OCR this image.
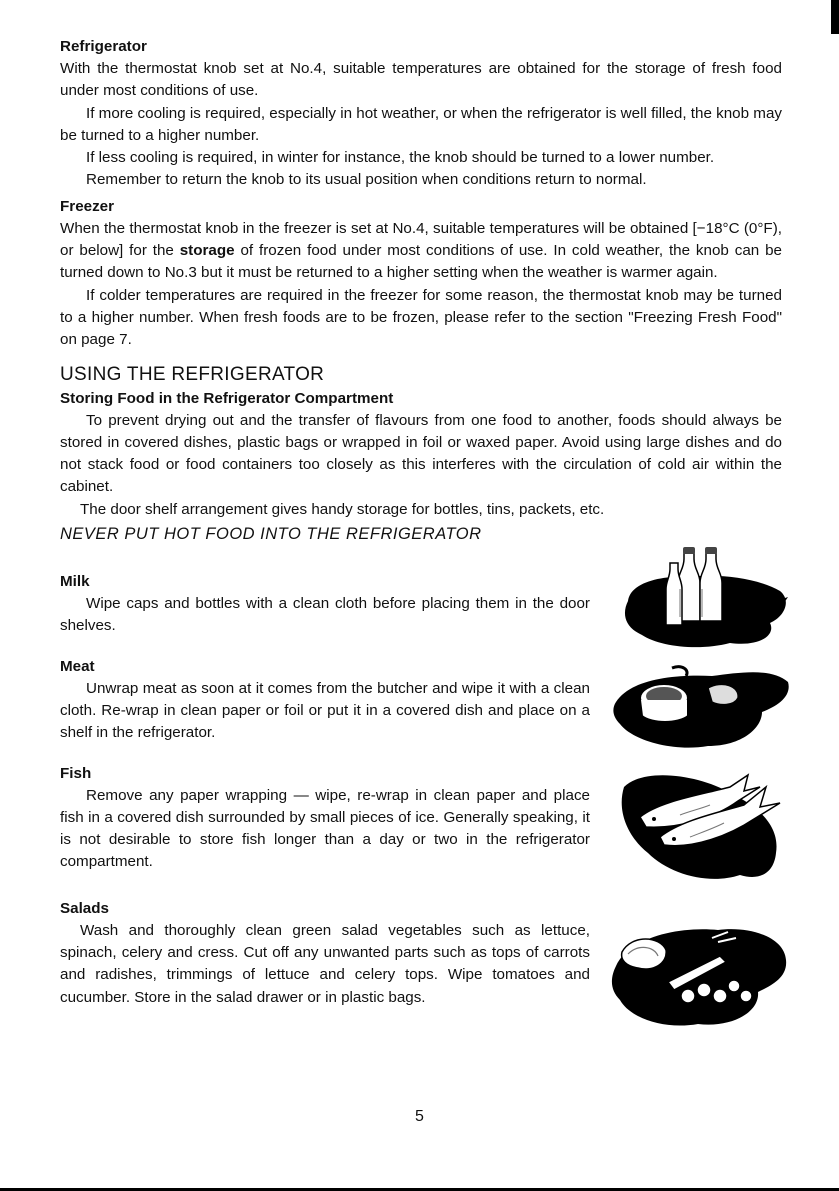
Refrigerator

With the thermostat knob set at No.4, suitable temperatures are obtained for the storage of fresh food under most conditions of use.

If more cooling is required, especially in hot weather, or when the refrigerator is well filled, the knob may be turned to a higher number.

If less cooling is required, in winter for instance, the knob should be turned to a lower number.

Remember to return the knob to its usual position when conditions return to normal.

Freezer

When the thermostat knob in the freezer is set at No.4, suitable temperatures will be obtained [−18°C (0°F), or below] for the storage of frozen food under most conditions of use. In cold weather, the knob can be turned down to No.3 but it must be returned to a higher setting when the weather is warmer again.

If colder temperatures are required in the freezer for some reason, the thermostat knob may be turned to a higher number. When fresh foods are to be frozen, please refer to the section "Freezing Fresh Food" on page 7.

USING THE REFRIGERATOR
Storing Food in the Refrigerator Compartment

To prevent drying out and the transfer of flavours from one food to another, foods should always be stored in covered dishes, plastic bags or wrapped in foil or waxed paper. Avoid using large dishes and do not stack food or food containers too closely as this interferes with the circulation of cold air within the cabinet.

The door shelf arrangement gives handy storage for bottles, tins, packets, etc.

NEVER PUT HOT FOOD INTO THE REFRIGERATOR

Milk

Wipe caps and bottles with a clean cloth before placing them in the door shelves.

Meat

Unwrap meat as soon at it comes from the butcher and wipe it with a clean cloth. Re-wrap in clean paper or foil or put it in a covered dish and place on a shelf in the refrigerator.

Fish

Remove any paper wrapping — wipe, re-wrap in clean paper and place fish in a covered dish surrounded by small pieces of ice. Generally speaking, it is not desirable to store fish longer than a day or two in the refrigerator compartment.

Salads

Wash and thoroughly clean green salad vegetables such as lettuce, spinach, celery and cress. Cut off any unwanted parts such as tops of carrots and radishes, trimmings of lettuce and celery tops. Wipe tomatoes and cucumber. Store in the salad drawer or in plastic bags.

5
